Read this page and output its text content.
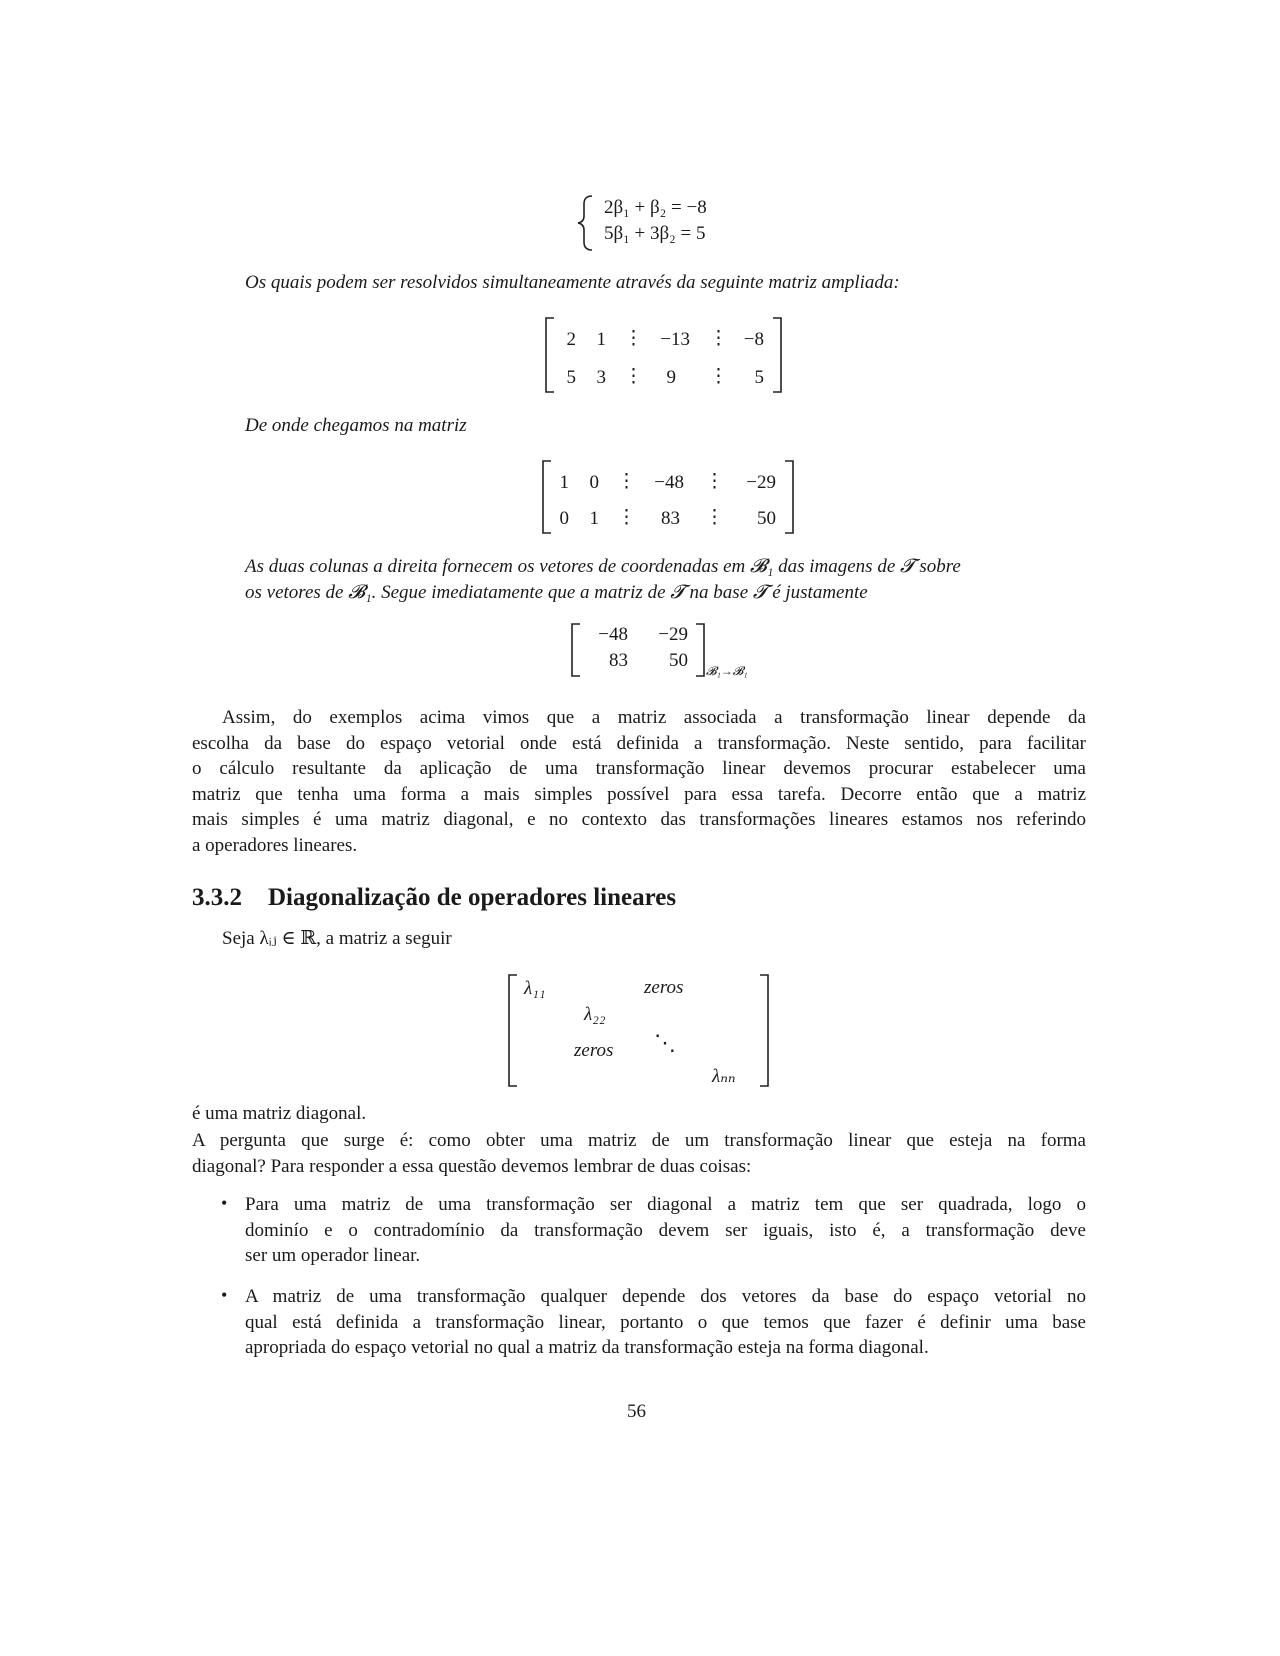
2β₁ + β₂ = −8
5β₁ + 3β₂ = 5
Os quais podem ser resolvidos simultaneamente através da seguinte matriz ampliada:
2	1 ⋮ −13 ⋮ −8
5	3 ⋮	9 ⋮	5
De onde chegamos na matriz
1	0 ⋮ −48 ⋮	−29
0	1 ⋮	83 ⋮	50
As duas colunas a direita fornecem os vetores de coordenadas em 𝓑₁ das imagens de 𝓣 sobre
os vetores de 𝓑₁. Segue imediatamente que a matriz de 𝓣 na base 𝓣 é justamente
−48	−29
83	50 𝓑₁→𝓑₁
Assim, do exemplos acima vimos que a matriz associada a transformação linear depende da
escolha da base do espaço vetorial onde está definida a transformação. Neste sentido, para facilitar
o cálculo resultante da aplicação de uma transformação linear devemos procurar estabelecer uma
matriz que tenha uma forma a mais simples possível para essa tarefa. Decorre então que a matriz
mais simples é uma matriz diagonal, e no contexto das transformações lineares estamos nos referindo
a operadores lineares.
3.3.2 Diagonalização de operadores lineares
Seja λᵢⱼ ∈ ℝ, a matriz a seguir
λ₁₁	zeros
λ₂₂
zeros ⋱
λₙₙ
é uma matriz diagonal.
A pergunta que surge é: como obter uma matriz de um transformação linear que esteja na forma
diagonal? Para responder a essa questão devemos lembrar de duas coisas:
• Para uma matriz de uma transformação ser diagonal a matriz tem que ser quadrada, logo o
dominío e o contradomínio da transformação devem ser iguais, isto é, a transformação deve
ser um operador linear.
• A matriz de uma transformação qualquer depende dos vetores da base do espaço vetorial no
qual está definida a transformação linear, portanto o que temos que fazer é definir uma base
apropriada do espaço vetorial no qual a matriz da transformação esteja na forma diagonal.
56
